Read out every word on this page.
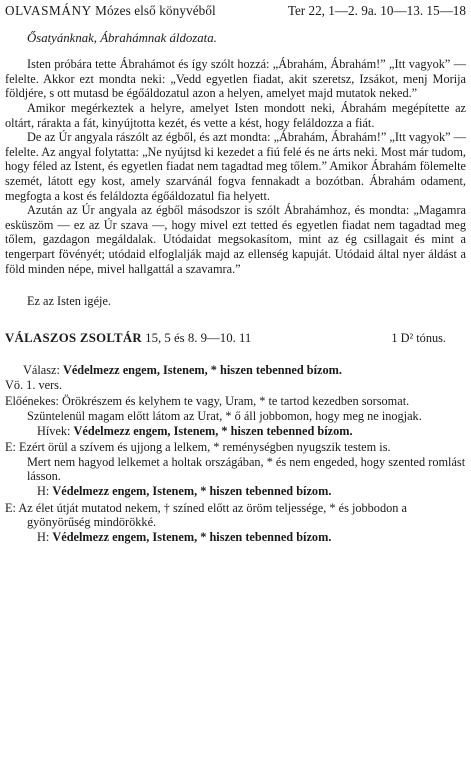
OLVASMÁNY Mózes első könyvéből	Ter 22, 1—2. 9a. 10—13. 15—18

Ősatyánknak, Ábrahámnak áldozata.

Isten próbára tette Ábrahámot és így szólt hozzá: „Ábrahám, Ábrahám!” „Itt vagyok” — felelte. Akkor ezt mondta neki: „Vedd egyetlen fiadat, akit szeretsz, Izsákot, menj Morija földjére, s ott mutasd be égőáldozatul azon a helyen, amelyet majd mutatok neked.”

Amikor megérkeztek a helyre, amelyet Isten mondott neki, Ábrahám megépítette az oltárt, rárakta a fát, kinyújtotta kezét, és vette a kést, hogy feláldozza a fiát.

De az Úr angyala rászólt az égből, és azt mondta: „Ábrahám, Ábrahám!” „Itt vagyok” — felelte. Az angyal folytatta: „Ne nyújtsd ki kezedet a fiú felé és ne árts neki. Most már tudom, hogy féled az Istent, és egyetlen fiadat nem tagadtad meg tőlem.” Amikor Ábrahám fölemelte szemét, látott egy kost, amely szarvánál fogva fennakadt a bozótban. Ábrahám odament, megfogta a kost és feláldozta égőáldozatul fia helyett.

Azután az Úr angyala az égből másodszor is szólt Ábrahámhoz, és mondta: „Magamra esküszöm — ez az Úr szava —, hogy mivel ezt tetted és egyetlen fiadat nem tagadtad meg tőlem, gazdagon megáldalak. Utódaidat megsokasítom, mint az ég csillagait és mint a tengerpart fövényét; utódaid elfoglalják majd az ellenség kapuját. Utódaid által nyer áldást a föld minden népe, mivel hallgattál a szavamra.”

Ez az Isten igéje.

VÁLASZOS ZSOLTÁR 15, 5 és 8. 9—10. 11	1 D² tónus.

Válasz: Védelmezz engem, Istenem, * hiszen tebenned bízom.

Vö. 1. vers.

Előénekes: Örökrészem és kelyhem te vagy, Uram, * te tartod kezedben sorsomat.

Szüntelenül magam előtt látom az Urat, * ő áll jobbomon, hogy meg ne inogjak.

Hívek: Védelmezz engem, Istenem, * hiszen tebenned bízom.

E: Ezért örül a szívem és ujjong a lelkem, * reménységben nyugszik testem is.

Mert nem hagyod lelkemet a holtak országában, * és nem engeded, hogy szented romlást lásson.

H: Védelmezz engem, Istenem, * hiszen tebenned bízom.

E: Az élet útját mutatod nekem, † színed előtt az öröm teljessége, * és jobbodon a gyönyörűség mindörökké.

H: Védelmezz engem, Istenem, * hiszen tebenned bízom.
